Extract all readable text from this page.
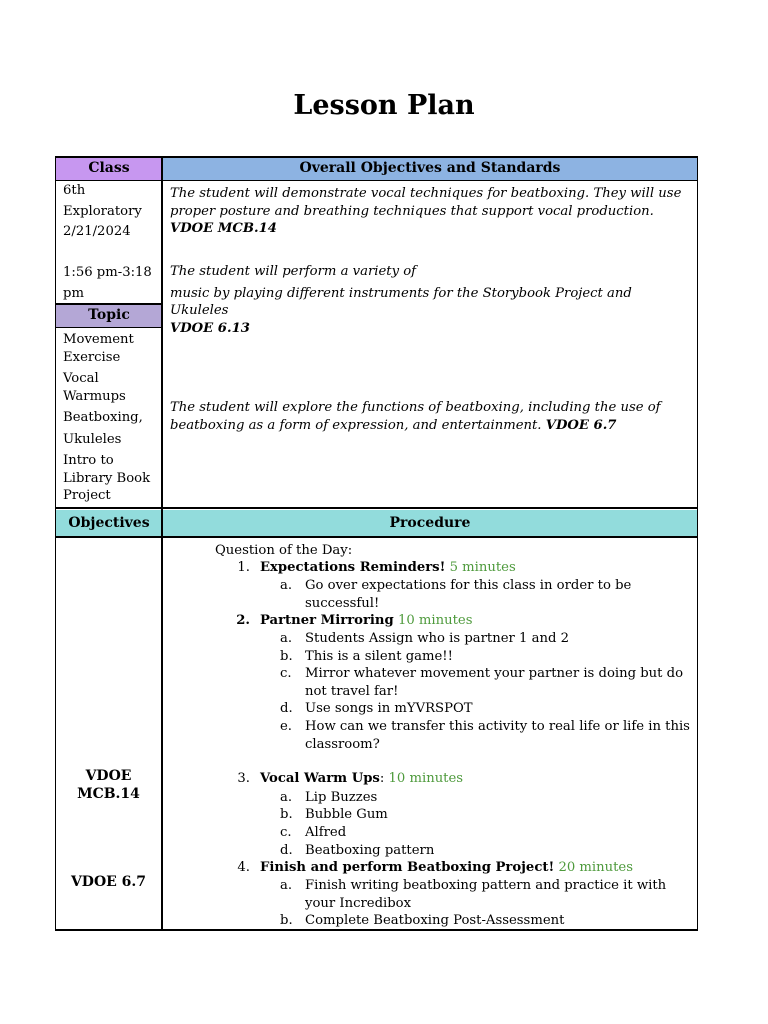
Lesson Plan
Class	Overall Objectives and Standards
Topic
Objectives	Procedure
6th
Exploratory
2/21/2024

1:56 pm-3:18
pm
Movement
Exercise
Vocal
Warmups
Beatboxing,
Ukuleles
Intro to
Library Book
Project
The student will demonstrate vocal techniques for beatboxing. They will use
proper posture and breathing techniques that support vocal production.
VDOE MCB.14
The student will perform a variety of
music by playing different instruments for the Storybook Project and
Ukuleles
VDOE 6.13
The student will explore the functions of beatboxing, including the use of
beatboxing as a form of expression, and entertainment. VDOE 6.7
VDOE
MCB.14
VDOE 6.7
Question of the Day:
1. Expectations Reminders! 5 minutes
a. Go over expectations for this class in order to be
successful!
2. Partner Mirroring 10 minutes
a. Students Assign who is partner 1 and 2
b. This is a silent game!!
c. Mirror whatever movement your partner is doing but do
not travel far!
d. Use songs in mYVRSPOT
e. How can we transfer this activity to real life or life in this
classroom?
3. Vocal Warm Ups: 10 minutes
a. Lip Buzzes
b. Bubble Gum
c. Alfred
d. Beatboxing pattern
4. Finish and perform Beatboxing Project! 20 minutes
a. Finish writing beatboxing pattern and practice it with
your Incredibox
b. Complete Beatboxing Post-Assessment
